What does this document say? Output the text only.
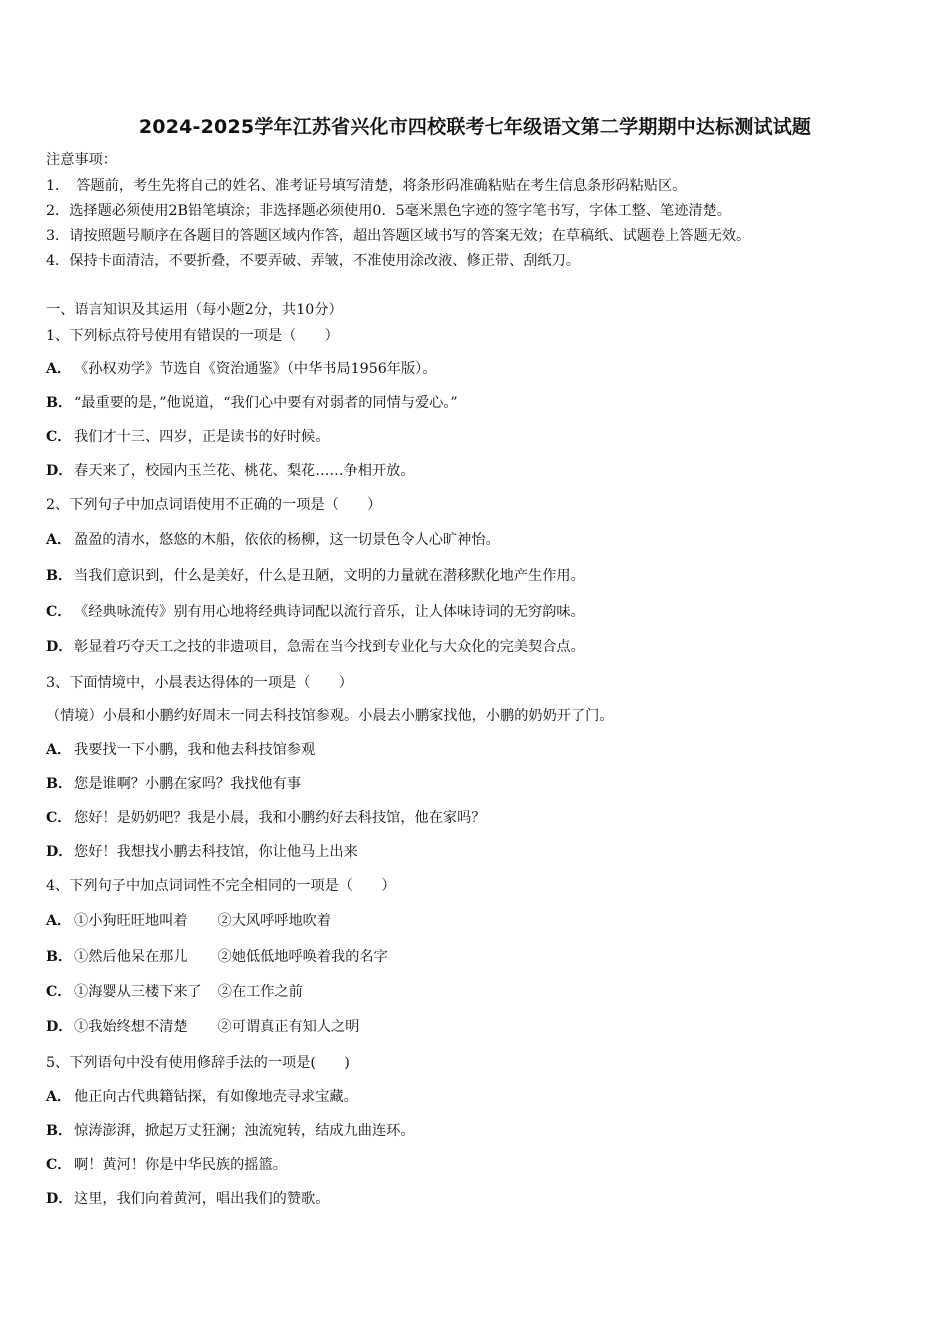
2024-2025学年江苏省兴化市四校联考七年级语文第二学期期中达标测试试题
注意事项：
1．　答题前，考生先将自己的姓名、准考证号填写清楚，将条形码准确粘贴在考生信息条形码粘贴区。
2．选择题必须使用2B铅笔填涂；非选择题必须使用0．5毫米黑色字迹的签字笔书写，字体工整、笔迹清楚。
3．请按照题号顺序在各题目的答题区域内作答，超出答题区域书写的答案无效；在草稿纸、试题卷上答题无效。
4．保持卡面清洁，不要折叠，不要弄破、弄皱，不准使用涂改液、修正带、刮纸刀。
一、语言知识及其运用（每小题2分，共10分）
1、下列标点符号使用有错误的一项是（　　）
A． 《孙权劝学》节选自《资治通鉴》（中华书局1956年版）。
B． “最重要的是，”他说道，“我们心中要有对弱者的同情与爱心。”
C． 我们才十三、四岁，正是读书的好时候。
D． 春天来了，校园内玉兰花、桃花、梨花……争相开放。
2、下列句子中加点词语使用不正确的一项是（　　）
A． 盈盈的清水，悠悠的木船，依依的杨柳，这一切景色令人心旷神怡。
B． 当我们意识到，什么是美好，什么是丑陋，文明的力量就在潜移默化地产生作用。
C． 《经典咏流传》别有用心地将经典诗词配以流行音乐，让人体味诗词的无穷韵味。
D． 彰显着巧夺天工之技的非遗项目，急需在当今找到专业化与大众化的完美契合点。
3、下面情境中，小晨表达得体的一项是（　　）
（情境）小晨和小鹏约好周末一同去科技馆参观。小晨去小鹏家找他，小鹏的奶奶开了门。
A． 我要找一下小鹏，我和他去科技馆参观
B． 您是谁啊？小鹏在家吗？我找他有事
C． 您好！是奶奶吧？我是小晨，我和小鹏约好去科技馆，他在家吗？
D． 您好！我想找小鹏去科技馆，你让他马上出来
4、下列句子中加点词词性不完全相同的一项是（　　）
A． ①小狗旺旺地叫着 ②大风呼呼地吹着
B． ①然后他呆在那儿 ②她低低地呼唤着我的名字
C． ①海婴从三楼下来了 ②在工作之前
D． ①我始终想不清楚 ②可谓真正有知人之明
5、下列语句中没有使用修辞手法的一项是(　　)
A． 他正向古代典籍钻探，有如像地壳寻求宝藏。
B． 惊涛澎湃，掀起万丈狂澜；浊流宛转，结成九曲连环。
C． 啊！黄河！你是中华民族的摇篮。
D． 这里，我们向着黄河，唱出我们的赞歌。
